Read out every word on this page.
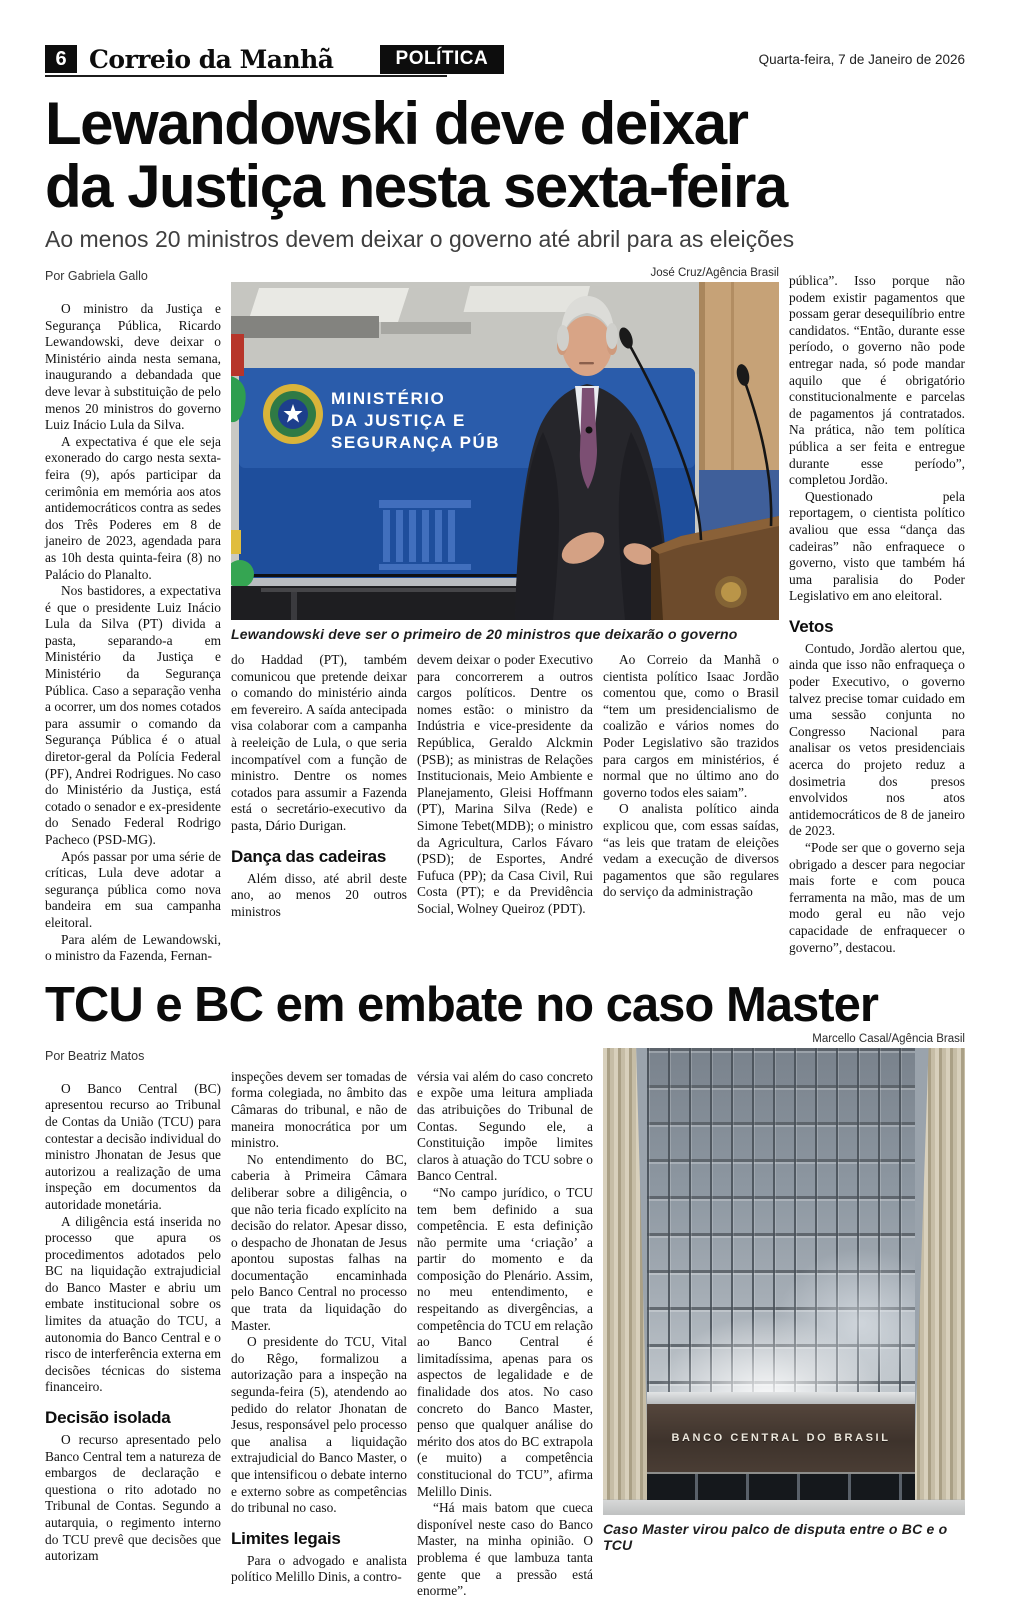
6 Correio da Manhã	POLÍTICA	Quarta-feira, 7 de Janeiro de 2026
Lewandowski deve deixar
da Justiça nesta sexta-feira

Ao menos 20 ministros devem deixar o governo até abril para as eleições

Por Gabriela Gallo

O ministro da Justiça e Segurança Pública, Ricardo Lewandowski, deve deixar o Ministério ainda nesta semana, inaugurando a debandada que deve levar à substituição de pelo menos 20 ministros do governo Luiz Inácio Lula da Silva.

A expectativa é que ele seja exonerado do cargo nesta sexta-feira (9), após participar da cerimônia em memória aos atos antidemocráticos contra as sedes dos Três Poderes em 8 de janeiro de 2023, agendada para as 10h desta quinta-feira (8) no Palácio do Planalto.

Nos bastidores, a expectativa é que o presidente Luiz Inácio Lula da Silva (PT) divida a pasta, separando-a em Ministério da Justiça e Ministério da Segurança Pública. Caso a separação venha a ocorrer, um dos nomes cotados para assumir o comando da Segurança Pública é o atual diretor-geral da Polícia Federal (PF), Andrei Rodrigues. No caso do Ministério da Justiça, está cotado o senador e ex-presidente do Senado Federal Rodrigo Pacheco (PSD-MG).

Após passar por uma série de críticas, Lula deve adotar a segurança pública como nova bandeira em sua campanha eleitoral.

Para além de Lewandowski, o ministro da Fazenda, Fernan-

José Cruz/Agência Brasil

MINISTÉRIO
DA JUSTIÇA E
SEGURANÇA PÚB

Lewandowski deve ser o primeiro de 20 ministros que deixarão o governo

do Haddad (PT), também comunicou que pretende deixar o comando do ministério ainda em fevereiro. A saída antecipada visa colaborar com a campanha à reeleição de Lula, o que seria incompatível com a função de ministro. Dentre os nomes cotados para assumir a Fazenda está o secretário-executivo da pasta, Dário Durigan.

Dança das cadeiras

Além disso, até abril deste ano, ao menos 20 outros ministros

devem deixar o poder Executivo para concorrerem a outros cargos políticos. Dentre os nomes estão: o ministro da Indústria e vice-presidente da República, Geraldo Alckmin (PSB); as ministras de Relações Institucionais, Meio Ambiente e Planejamento, Gleisi Hoffmann (PT), Marina Silva (Rede) e Simone Tebet(MDB); o ministro da Agricultura, Carlos Fávaro (PSD); de Esportes, André Fufuca (PP); da Casa Civil, Rui Costa (PT); e da Previdência Social, Wolney Queiroz (PDT).

Ao Correio da Manhã o cientista político Isaac Jordão comentou que, como o Brasil “tem um presidencialismo de coalizão e vários nomes do Poder Legislativo são trazidos para cargos em ministérios, é normal que no último ano do governo todos eles saiam”.

O analista político ainda explicou que, com essas saídas, “as leis que tratam de eleições vedam a execução de diversos pagamentos que são regulares do serviço da administração

pública”. Isso porque não podem existir pagamentos que possam gerar desequilíbrio entre candidatos. “Então, durante esse período, o governo não pode entregar nada, só pode mandar aquilo que é obrigatório constitucionalmente e parcelas de pagamentos já contratados. Na prática, não tem política pública a ser feita e entregue durante esse período”, completou Jordão.

Questionado pela reportagem, o cientista político avaliou que essa “dança das cadeiras” não enfraquece o governo, visto que também há uma paralisia do Poder Legislativo em ano eleitoral.

Vetos

Contudo, Jordão alertou que, ainda que isso não enfraqueça o poder Executivo, o governo talvez precise tomar cuidado em uma sessão conjunta no Congresso Nacional para analisar os vetos presidenciais acerca do projeto reduz a dosimetria dos presos envolvidos nos atos antidemocráticos de 8 de janeiro de 2023.

“Pode ser que o governo seja obrigado a descer para negociar mais forte e com pouca ferramenta na mão, mas de um modo geral eu não vejo capacidade de enfraquecer o governo”, destacou.

TCU e BC em embate no caso Master

Por Beatriz Matos

O Banco Central (BC) apresentou recurso ao Tribunal de Contas da União (TCU) para contestar a decisão individual do ministro Jhonatan de Jesus que autorizou a realização de uma inspeção em documentos da autoridade monetária.

A diligência está inserida no processo que apura os procedimentos adotados pelo BC na liquidação extrajudicial do Banco Master e abriu um embate institucional sobre os limites da atuação do TCU, a autonomia do Banco Central e o risco de interferência externa em decisões técnicas do sistema financeiro.

Decisão isolada

O recurso apresentado pelo Banco Central tem a natureza de embargos de declaração e questiona o rito adotado no Tribunal de Contas. Segundo a autarquia, o regimento interno do TCU prevê que decisões que autorizam

inspeções devem ser tomadas de forma colegiada, no âmbito das Câmaras do tribunal, e não de maneira monocrática por um ministro.

No entendimento do BC, caberia à Primeira Câmara deliberar sobre a diligência, o que não teria ficado explícito na decisão do relator. Apesar disso, o despacho de Jhonatan de Jesus apontou supostas falhas na documentação encaminhada pelo Banco Central no processo que trata da liquidação do Master.

O presidente do TCU, Vital do Rêgo, formalizou a autorização para a inspeção na segunda-feira (5), atendendo ao pedido do relator Jhonatan de Jesus, responsável pelo processo que analisa a liquidação extrajudicial do Banco Master, o que intensificou o debate interno e externo sobre as competências do tribunal no caso.

Limites legais

Para o advogado e analista político Melillo Dinis, a contro-

vérsia vai além do caso concreto e expõe uma leitura ampliada das atribuições do Tribunal de Contas. Segundo ele, a Constituição impõe limites claros à atuação do TCU sobre o Banco Central.

“No campo jurídico, o TCU tem bem definido a sua competência. E esta definição não permite uma ‘criação’ a partir do momento e da composição do Plenário. Assim, no meu entendimento, e respeitando as divergências, a competência do TCU em relação ao Banco Central é limitadíssima, apenas para os aspectos de legalidade e de finalidade dos atos. No caso concreto do Banco Master, penso que qualquer análise do mérito dos atos do BC extrapola (e muito) a competência constitucional do TCU”, afirma Melillo Dinis.

“Há mais batom que cueca disponível neste caso do Banco Master, na minha opinião. O problema é que lambuza tanta gente que a pressão está enorme”.

Marcello Casal/Agência Brasil

BANCO CENTRAL DO BRASIL

Caso Master virou palco de disputa entre o BC e o TCU
